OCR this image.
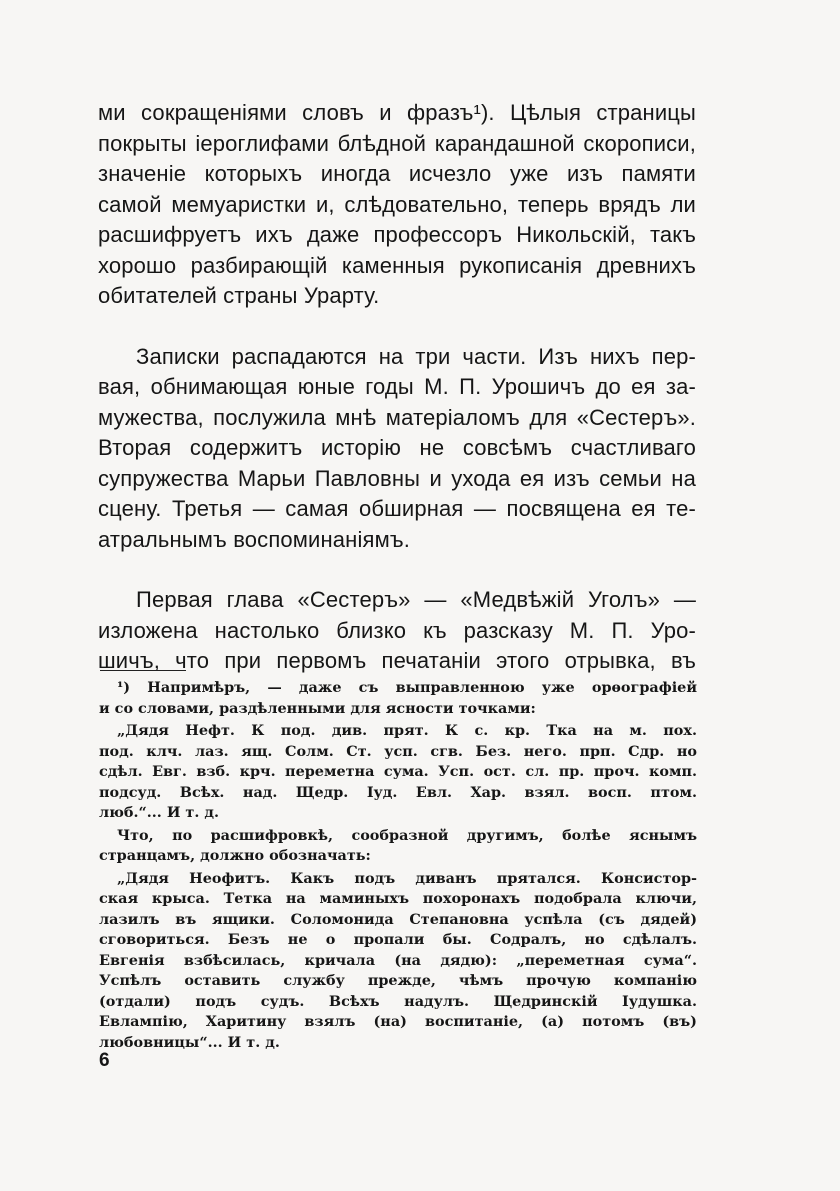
ми сокращеніями словъ и фразъ¹). Цѣлыя страницы
покрыты іероглифами блѣдной карандашной скорописи,
значеніе которыхъ иногда исчезло уже изъ памяти
самой мемуаристки и, слѣдовательно, теперь врядъ ли
расшифруетъ ихъ даже профессоръ Никольскій, такъ
хорошо разбирающій каменныя рукописанія древнихъ
обитателей страны Урарту.
Записки распадаются на три части. Изъ нихъ пер-
вая, обнимающая юные годы М. П. Урошичъ до ея за-
мужества, послужила мнѣ матеріаломъ для «Сестеръ».
Вторая содержитъ исторію не совсѣмъ счастливаго
супружества Марьи Павловны и ухода ея изъ семьи на
сцену. Третья — самая обширная — посвящена ея те-
атральнымъ воспоминаніямъ.
Первая глава «Сестеръ» — «Медвѣжій Уголъ» —
изложена настолько близко къ разсказу М. П. Уро-
шичъ, что при первомъ печатаніи этого отрывка, въ
¹) Напримѣръ, — даже съ выправленною уже орѳографіей
и со словами, раздѣленными для ясности точками:
„Дядя Нефт. К под. див. прят. К с. кр. Тка на м. пох.
под. клч. лаз. ящ. Солм. Ст. усп. сгв. Без. него. прп. Сдр. но
сдѣл. Евг. взб. крч. переметна сума. Усп. ост. сл. пр. проч. комп.
подсуд. Всѣх. над. Щедр. Іуд. Евл. Хар. взял. восп. птом.
люб.“... И т. д.
Что, по расшифровкѣ, сообразной другимъ, болѣе яснымъ
странцамъ, должно обозначать:
„Дядя Неофитъ. Какъ подъ диванъ прятался. Консистор-
ская крыса. Тетка на маминыхъ похоронахъ подобрала ключи,
лазилъ въ ящики. Соломонида Степановна успѣла (съ дядей)
сговориться. Безъ не о пропали бы. Содралъ, но сдѣлалъ.
Евгенія взбѣсилась, кричала (на дядю): „переметная сума“.
Успѣлъ оставить службу прежде, чѣмъ прочую компанію
(отдали) подъ судъ. Всѣхъ надулъ. Щедринскій Іудушка.
Евлампію, Харитину взялъ (на) воспитаніе, (а) потомъ (въ)
любовницы“... И т. д.
6
